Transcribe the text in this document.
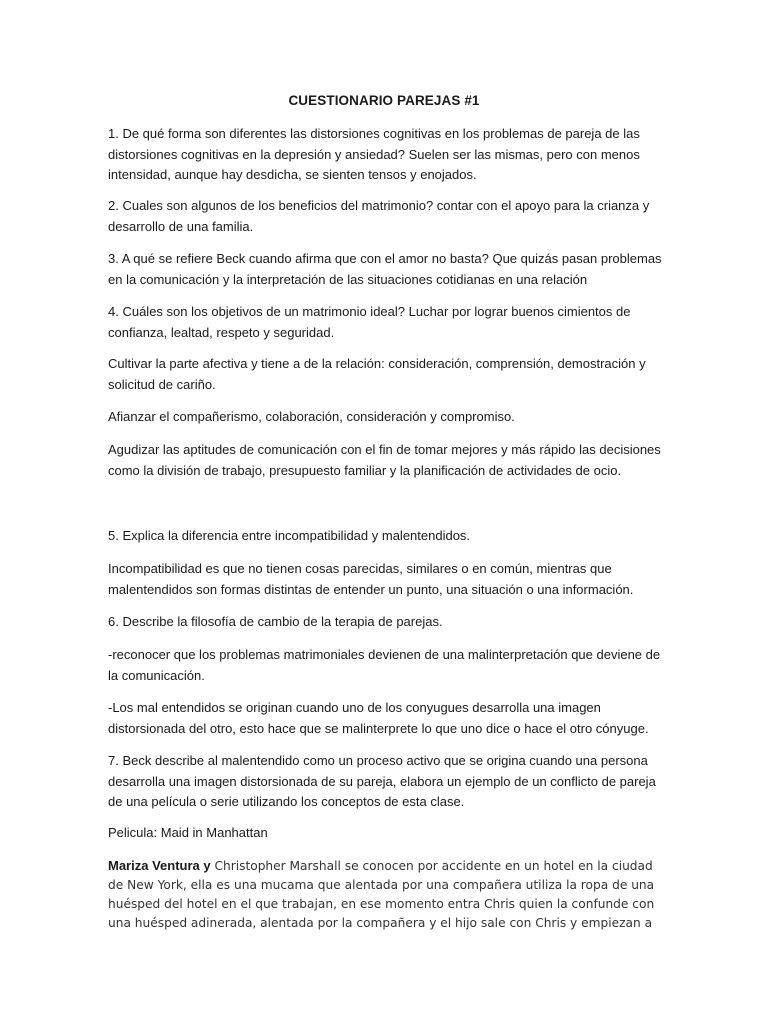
CUESTIONARIO PAREJAS #1

1. De qué forma son diferentes las distorsiones cognitivas en los problemas de pareja de las distorsiones cognitivas en la depresión y ansiedad? Suelen ser las mismas, pero con menos intensidad, aunque hay desdicha, se sienten tensos y enojados.

2. Cuales son algunos de los beneficios del matrimonio? contar con el apoyo para la crianza y desarrollo de una familia.

3. A qué se refiere Beck cuando afirma que con el amor no basta? Que quizás pasan problemas en la comunicación y la interpretación de las situaciones cotidianas en una relación

4. Cuáles son los objetivos de un matrimonio ideal? Luchar por lograr buenos cimientos de confianza, lealtad, respeto y seguridad.

Cultivar la parte afectiva y tiene a de la relación: consideración, comprensión, demostración y solicitud de cariño.

Afianzar el compañerismo, colaboración, consideración y compromiso.

Agudizar las aptitudes de comunicación con el fin de tomar mejores y más rápido las decisiones como la división de trabajo, presupuesto familiar y la planificación de actividades de ocio.

5. Explica la diferencia entre incompatibilidad y malentendidos.

Incompatibilidad es que no tienen cosas parecidas, similares o en común, mientras que malentendidos son formas distintas de entender un punto, una situación o una información.

6. Describe la filosofía de cambio de la terapia de parejas.

-reconocer que los problemas matrimoniales devienen de una malinterpretación que deviene de la comunicación.

-Los mal entendidos se originan cuando uno de los conyugues desarrolla una imagen distorsionada del otro, esto hace que se malinterprete lo que uno dice o hace el otro cónyuge.

7. Beck describe al malentendido como un proceso activo que se origina cuando una persona desarrolla una imagen distorsionada de su pareja, elabora un ejemplo de un conflicto de pareja de una película o serie utilizando los conceptos de esta clase.

Pelicula: Maid in Manhattan

Mariza Ventura y Christopher Marshall se conocen por accidente en un hotel en la ciudad de New York, ella es una mucama que alentada por una compañera utiliza la ropa de una huésped del hotel en el que trabajan, en ese momento entra Chris quien la confunde con una huésped adinerada, alentada por la compañera y el hijo sale con Chris y empiezan a
